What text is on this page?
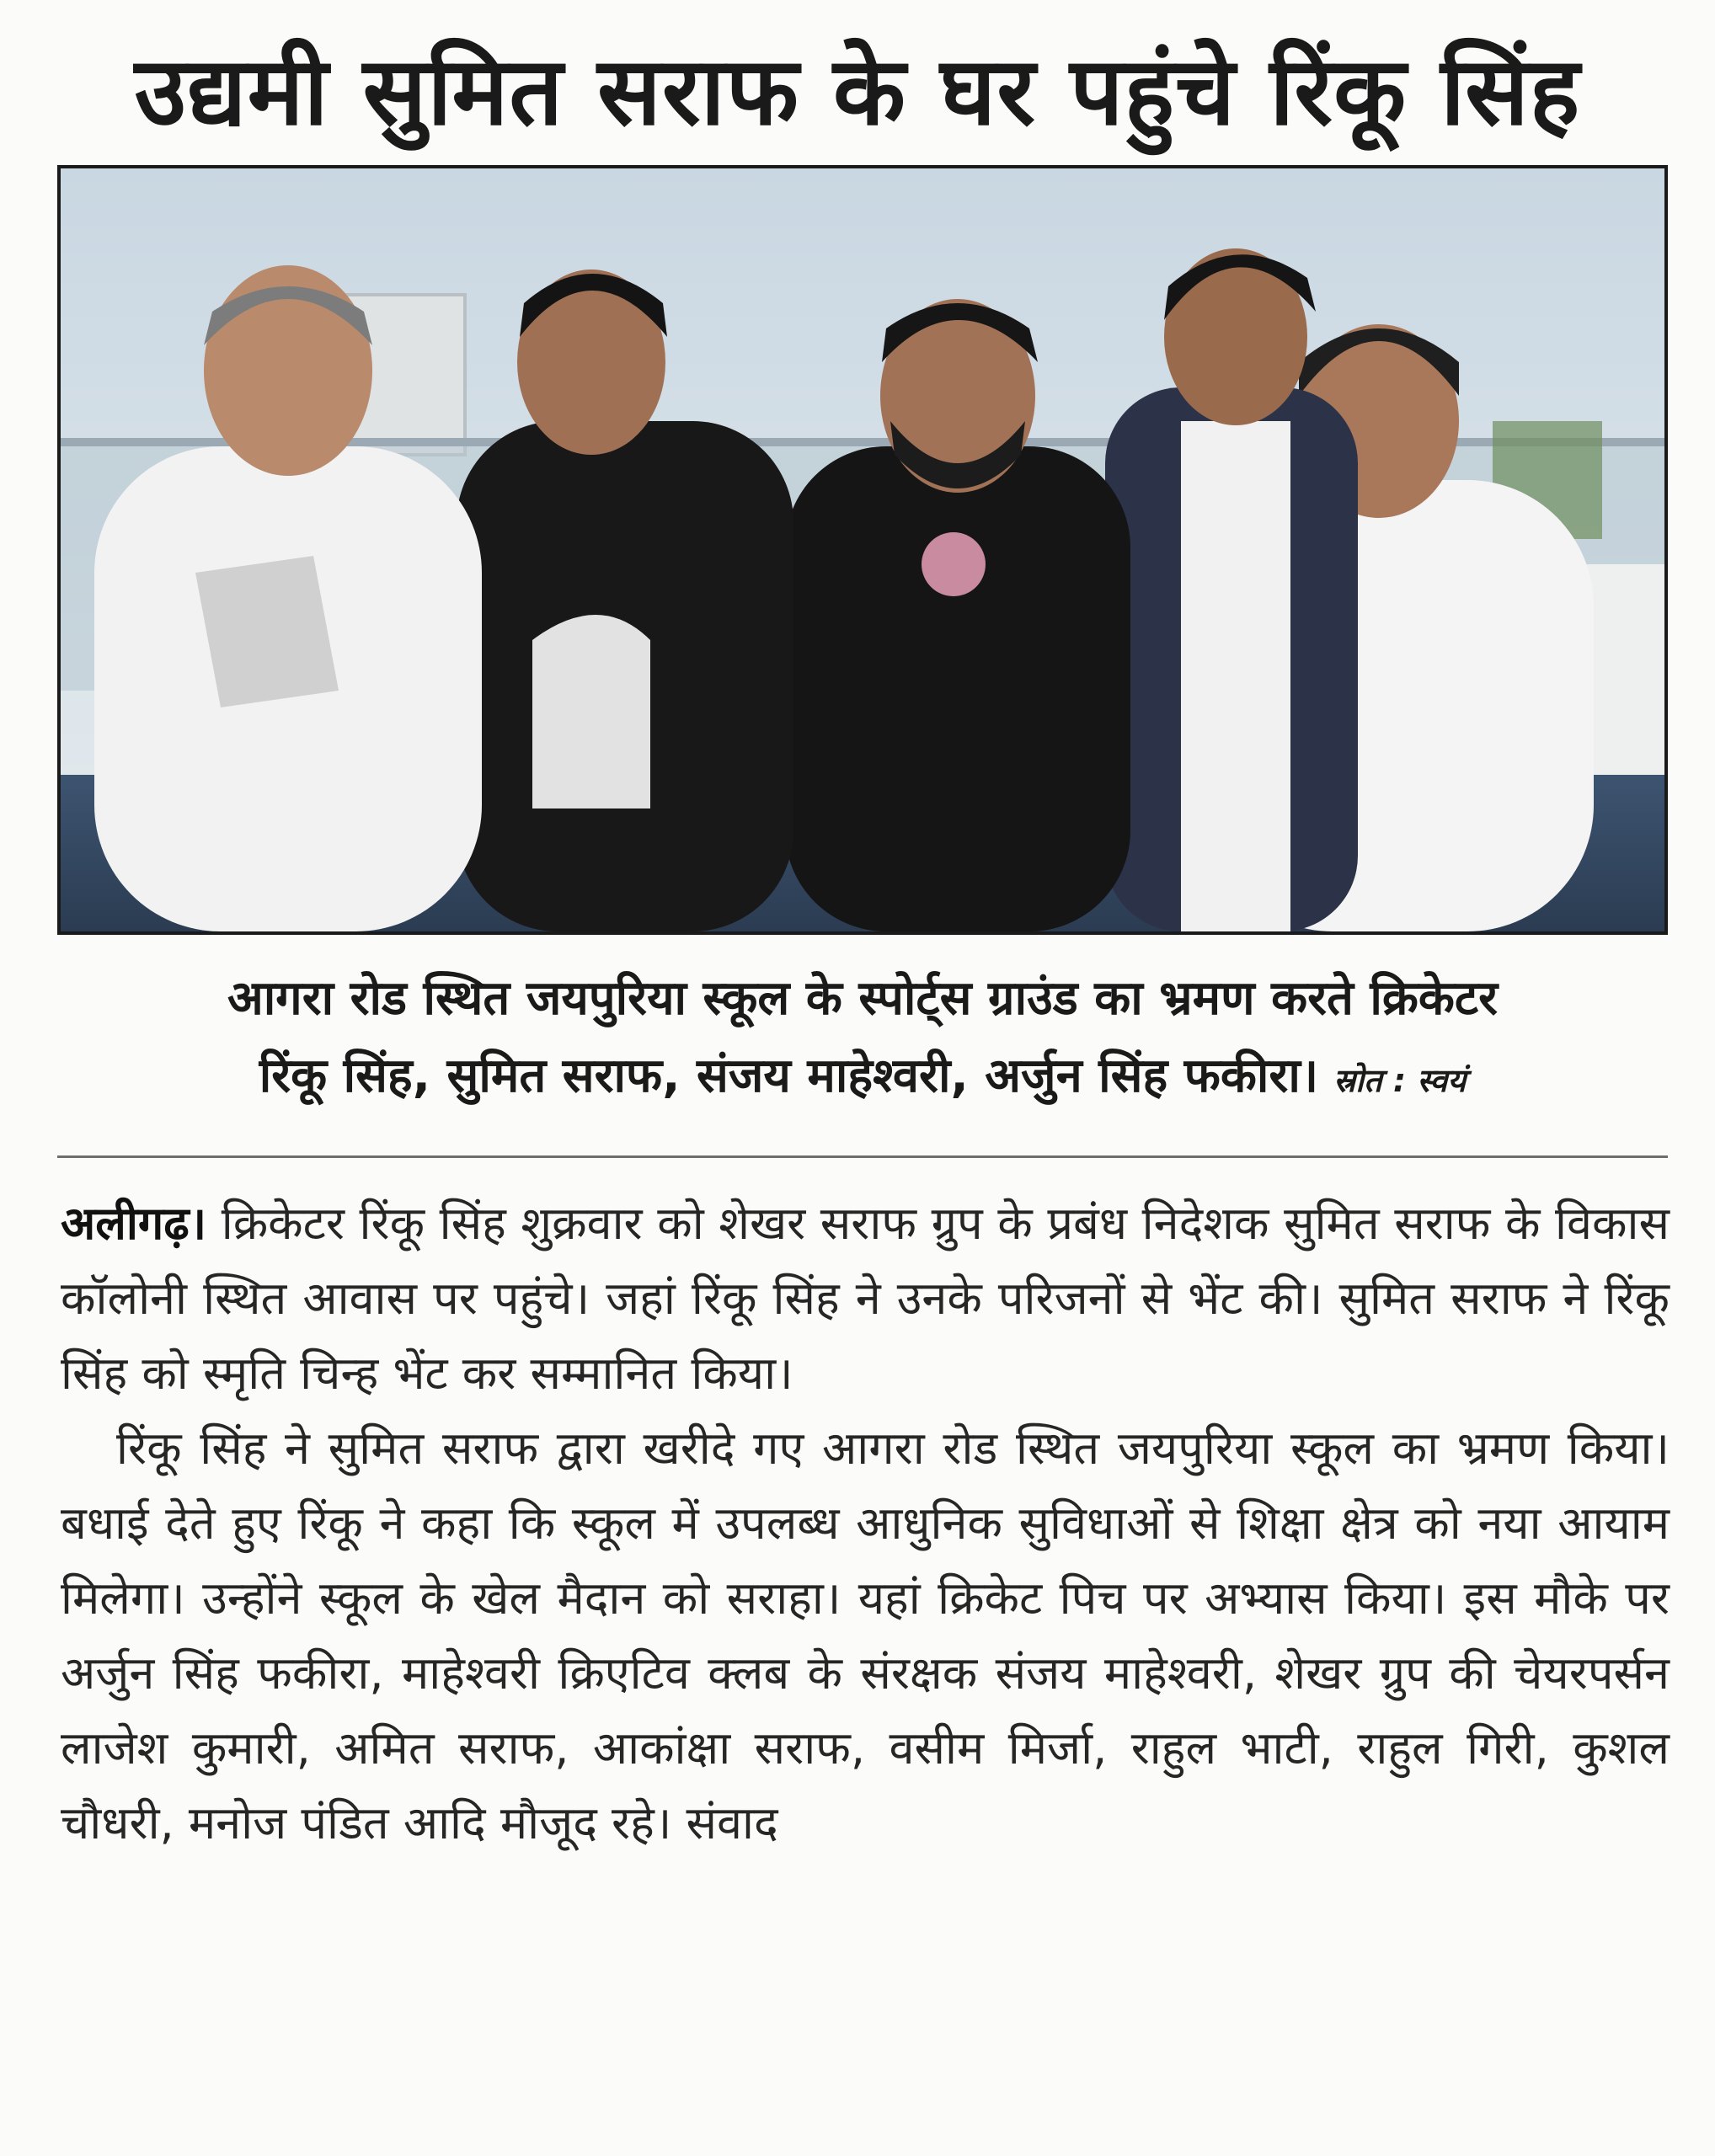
उद्यमी सुमित सराफ के घर पहुंचे रिंकू सिंह
आगरा रोड स्थित जयपुरिया स्कूल के स्पोर्ट्स ग्राउंड का भ्रमण करते क्रिकेटर
रिंकू सिंह, सुमित सराफ, संजय माहेश्वरी, अर्जुन सिंह फकीरा। स्रोत : स्वयं

अलीगढ़। क्रिकेटर रिंकू सिंह शुक्रवार को शेखर सराफ ग्रुप के प्रबंध निदेशक सुमित सराफ के विकास कॉलोनी स्थित आवास पर पहुंचे। जहां रिंकू सिंह ने उनके परिजनों से भेंट की। सुमित सराफ ने रिंकू सिंह को स्मृति चिन्ह भेंट कर सम्मानित किया।

रिंकू सिंह ने सुमित सराफ द्वारा खरीदे गए आगरा रोड स्थित जयपुरिया स्कूल का भ्रमण किया। बधाई देते हुए रिंकू ने कहा कि स्कूल में उपलब्ध आधुनिक सुविधाओं से शिक्षा क्षेत्र को नया आयाम मिलेगा। उन्होंने स्कूल के खेल मैदान को सराहा। यहां क्रिकेट पिच पर अभ्यास किया। इस मौके पर अर्जुन सिंह फकीरा, माहेश्वरी क्रिएटिव क्लब के संरक्षक संजय माहेश्वरी, शेखर ग्रुप की चेयरपर्सन लाजेश कुमारी, अमित सराफ, आकांक्षा सराफ, वसीम मिर्जा, राहुल भाटी, राहुल गिरी, कुशल चौधरी, मनोज पंडित आदि मौजूद रहे। संवाद
